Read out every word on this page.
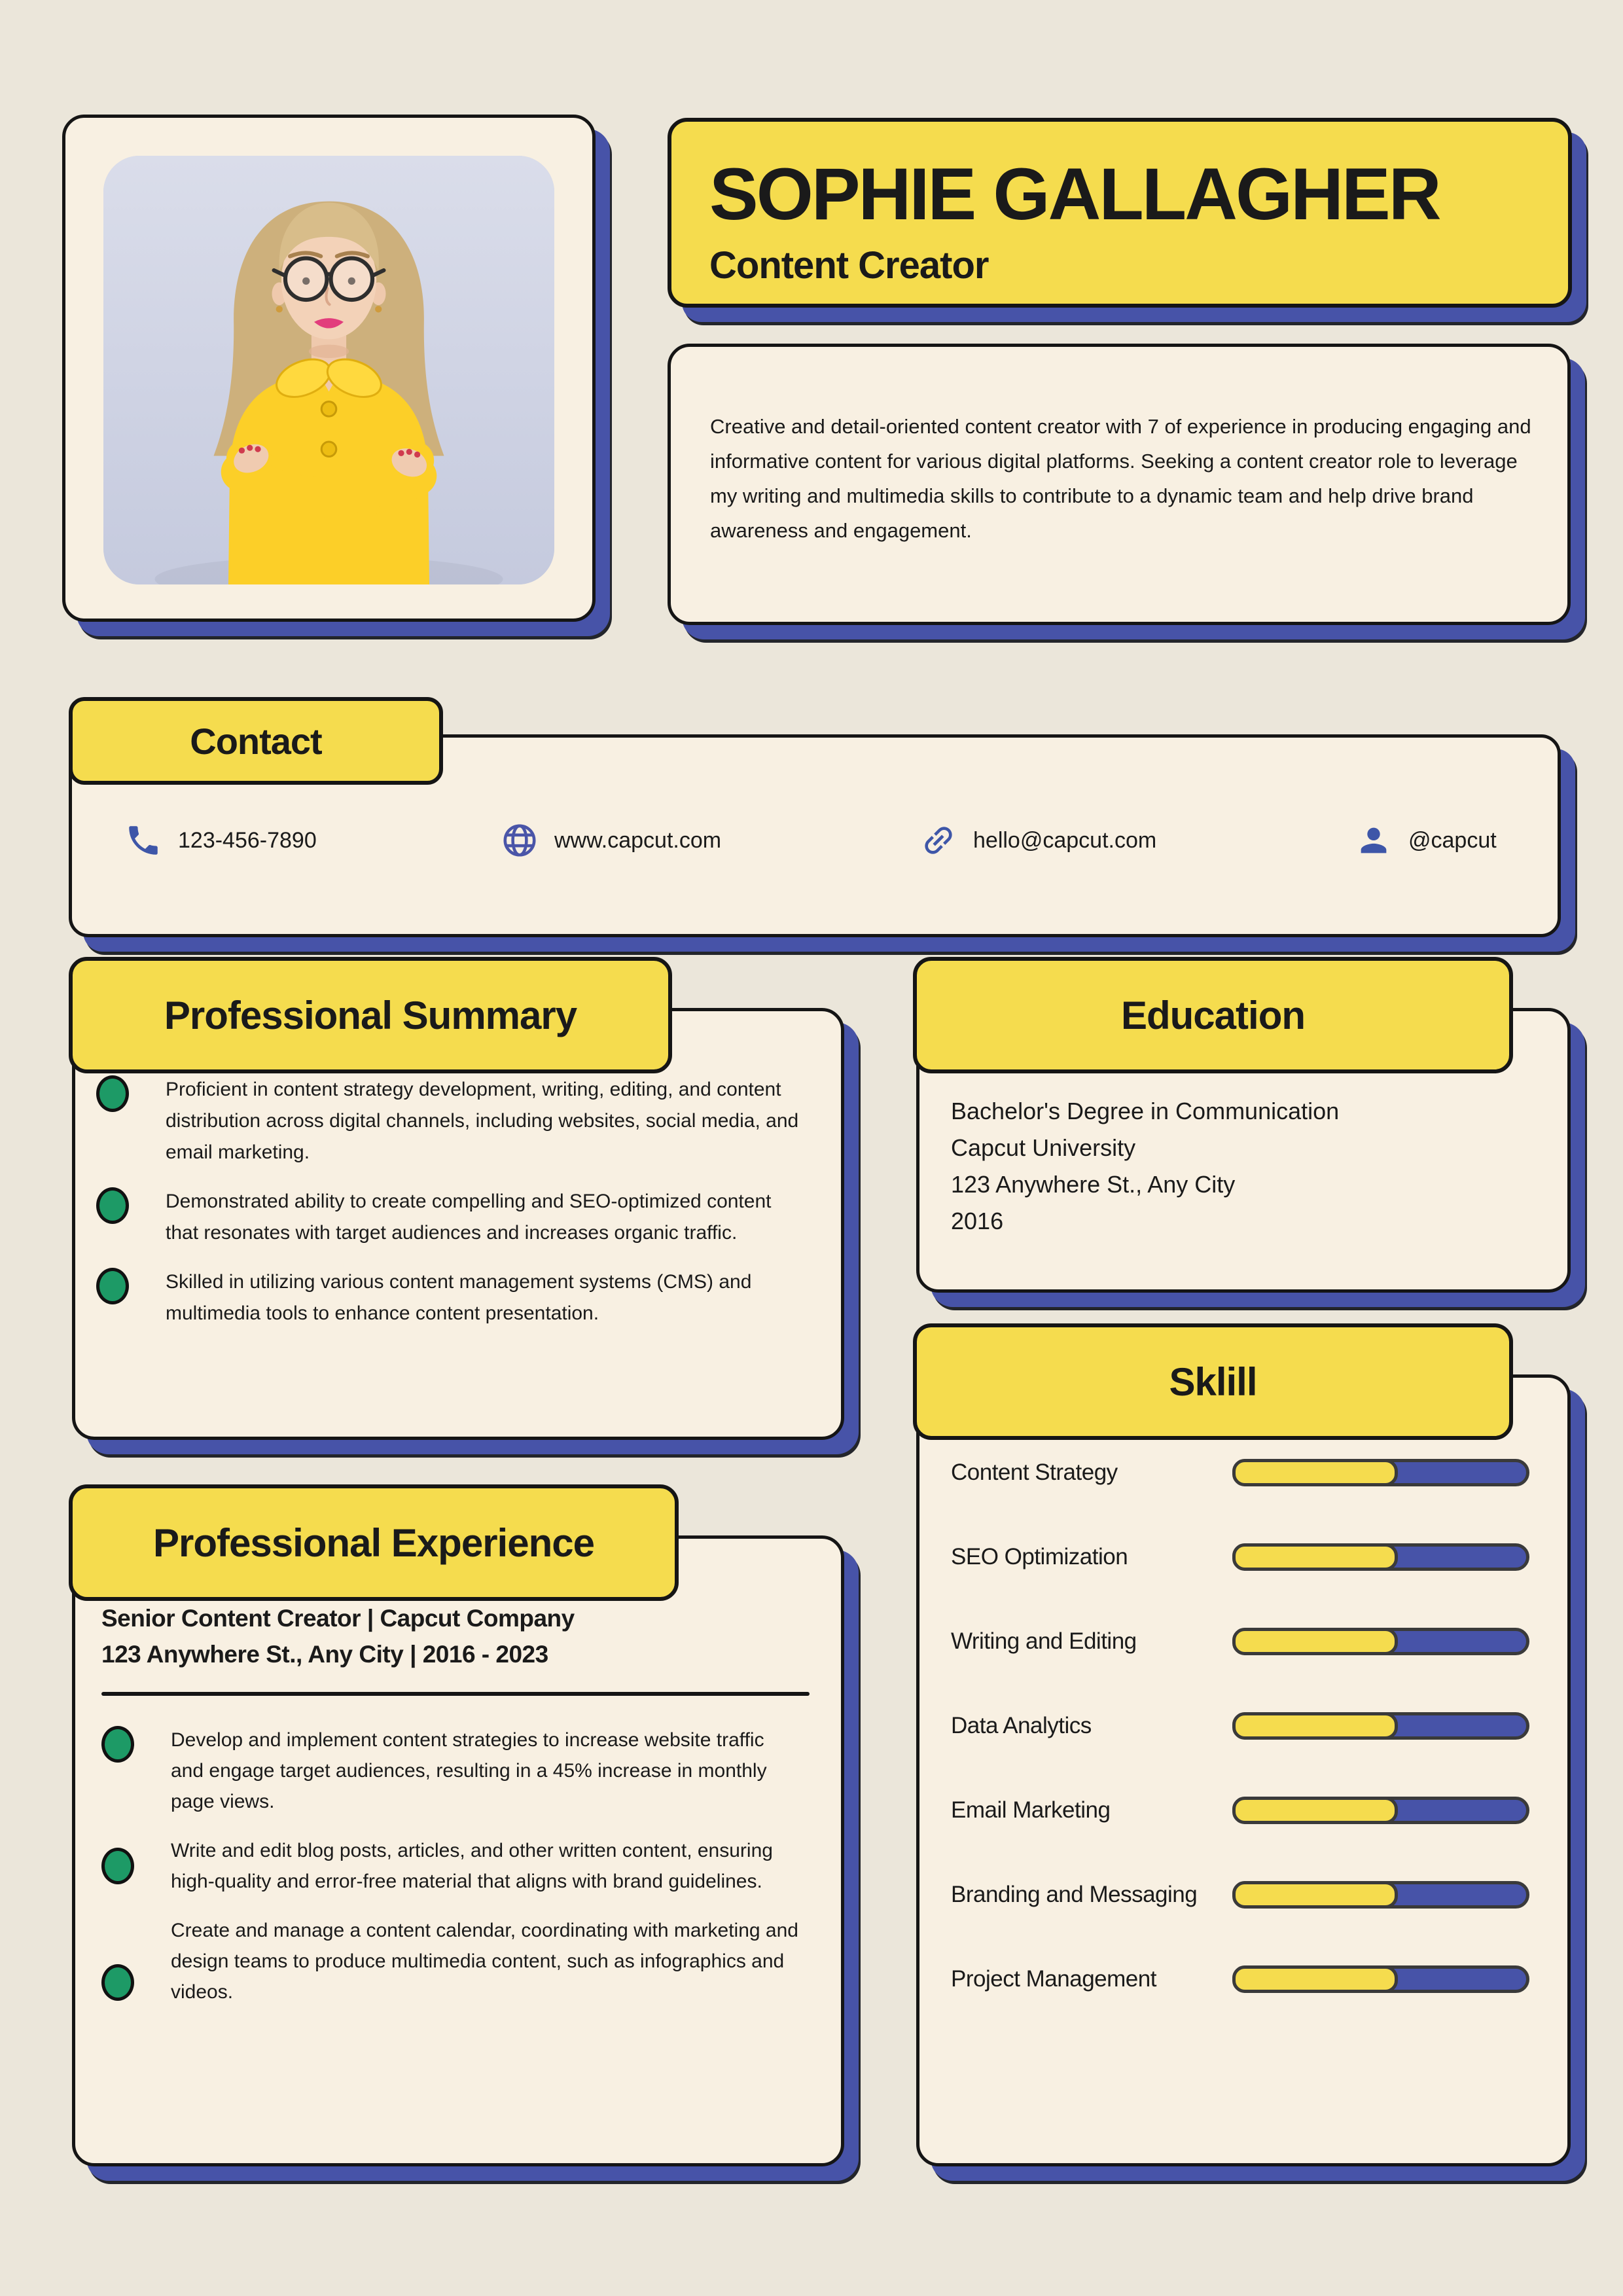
SOPHIE GALLAGHER
Content Creator

Creative and detail-oriented content creator with 7 of experience in producing engaging and informative content for various digital platforms. Seeking a content creator role to leverage my writing and multimedia skills to contribute to a dynamic team and help drive brand awareness and engagement.

Contact
123-456-7890	www.capcut.com	hello@capcut.com	@capcut
Professional Summary

Proficient in content strategy development, writing, editing, and content distribution across digital channels, including websites, social media, and email marketing.

Demonstrated ability to create compelling and SEO-optimized content that resonates with target audiences and increases organic traffic.

Skilled in utilizing various content management systems (CMS) and multimedia tools to enhance content presentation.

Education
Bachelor's Degree in Communication
Capcut University
123 Anywhere St., Any City
2016
Sklill
Content Strategy
SEO Optimization
Writing and Editing
Data Analytics
Email Marketing
Branding and Messaging
Project Management
Professional Experience
Senior Content Creator | Capcut Company
123 Anywhere St., Any City | 2016 - 2023

Develop and implement content strategies to increase website traffic and engage target audiences, resulting in a 45% increase in monthly page views.

Write and edit blog posts, articles, and other written content, ensuring high-quality and error-free material that aligns with brand guidelines.

Create and manage a content calendar, coordinating with marketing and design teams to produce multimedia content, such as infographics and videos.
